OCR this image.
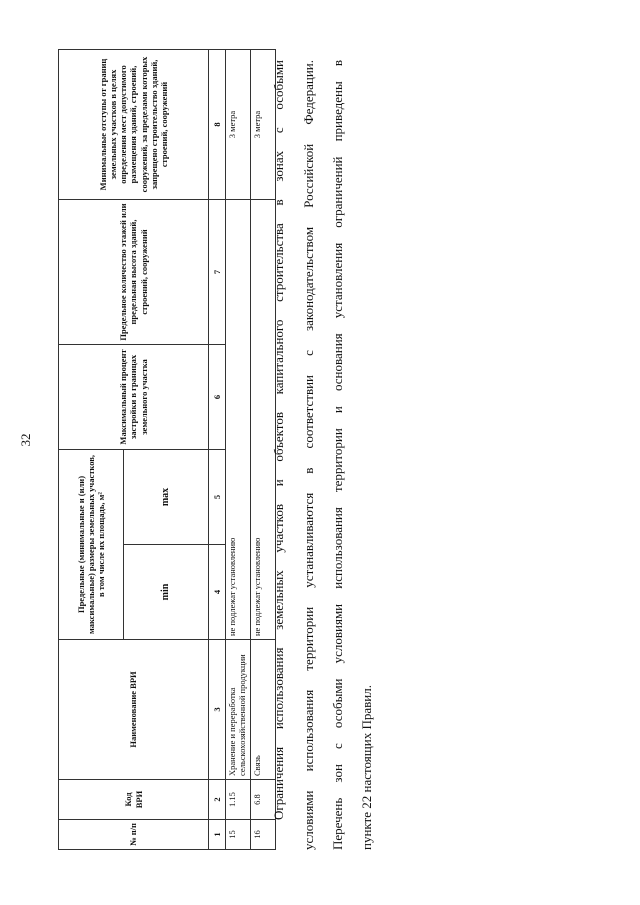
32
№ п/п	Код ВРИ	Наименование ВРИ	Предельные (минимальные и (или) максимальные) размеры земельных участков, в том числе их площадь, м²		Максимальный процент застройки в границах земельного участка	Предельное количество этажей или предельная высота зданий, строений, сооружений	Минимальные отступы от границ земельных участков в целях определения мест допустимого размещения зданий, строений, сооружений, за пределами которых запрещено строительство зданий, строений, сооружений
			min	max			
1	2	3	4	5	6	7	8
15	1.15	Хранение и переработка сельскохозяйственной продукции	не подлежат установлению				3 метра
16	6.8	Связь	не подлежат установлению				3 метра Ограничения использования земельных участков и объектов капитального строительства в зонах с особыми условиями использования территории устанавливаются в соответствии с законодательством Российской Федерации. Перечень зон с особыми условиями использования территории и основания установления ограничений приведены в пункте 22 настоящих Правил.
